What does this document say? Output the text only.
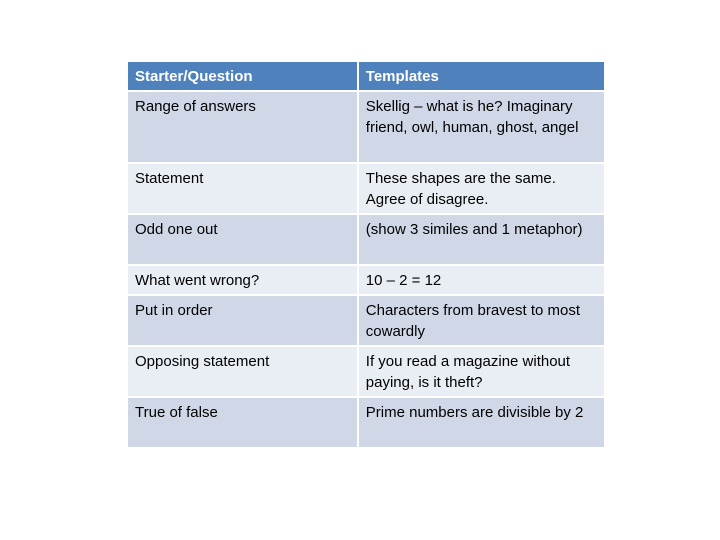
Starter/Question	Templates
Range of answers	Skellig – what is he? Imaginary friend, owl, human, ghost, angel
Statement	These shapes are the same. Agree of disagree.
Odd one out	(show 3 similes and 1 metaphor)
What went wrong?	10 – 2 = 12
Put in order	Characters from bravest to most cowardly
Opposing statement	If you read a magazine without paying, is it theft?
True of false	Prime numbers are divisible by 2
